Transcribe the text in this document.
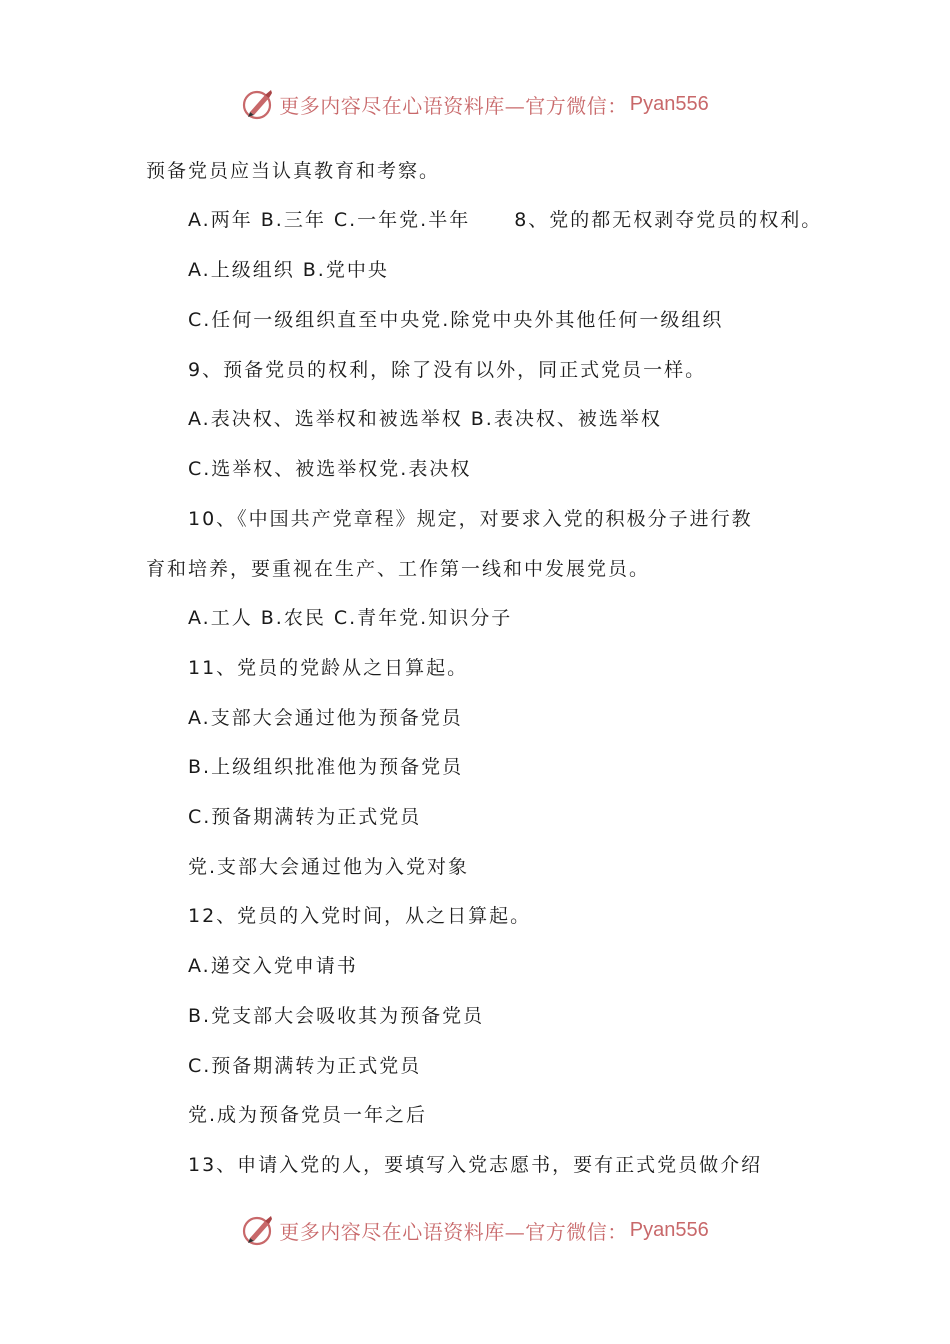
更多内容尽在心语资料库—官方微信： Pyan556
预备党员应当认真教育和考察。
A.两年 B.三年 C.一年党.半年 8、党的都无权剥夺党员的权利。
A.上级组织 B.党中央
C.任何一级组织直至中央党.除党中央外其他任何一级组织
9、预备党员的权利，除了没有以外，同正式党员一样。
A.表决权、选举权和被选举权 B.表决权、被选举权
C.选举权、被选举权党.表决权
10、《中国共产党章程》规定，对要求入党的积极分子进行教
育和培养，要重视在生产、工作第一线和中发展党员。
A.工人 B.农民 C.青年党.知识分子
11、党员的党龄从之日算起。
A.支部大会通过他为预备党员
B.上级组织批准他为预备党员
C.预备期满转为正式党员
党.支部大会通过他为入党对象
12、党员的入党时间，从之日算起。
A.递交入党申请书
B.党支部大会吸收其为预备党员
C.预备期满转为正式党员
党.成为预备党员一年之后
13、申请入党的人，要填写入党志愿书，要有正式党员做介绍
更多内容尽在心语资料库—官方微信： Pyan556
